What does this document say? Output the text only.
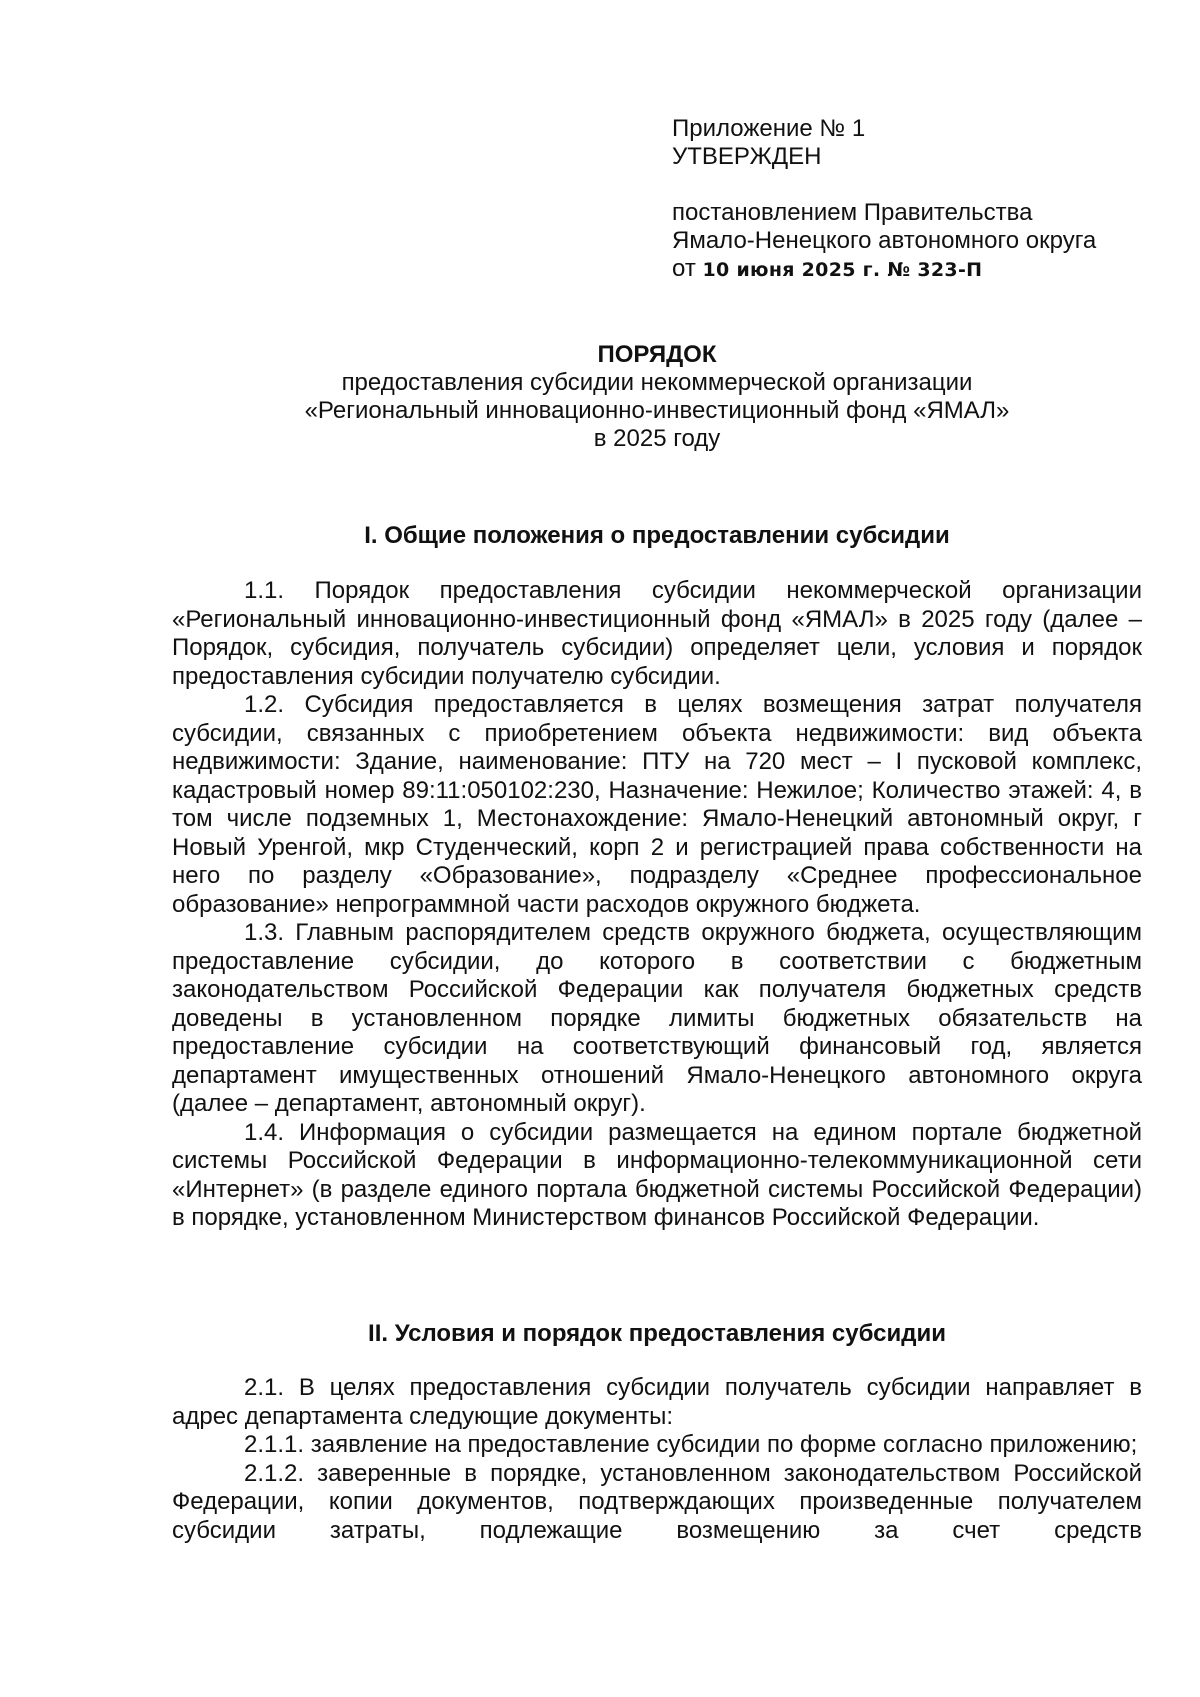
Приложение № 1
УТВЕРЖДЕН
постановлением Правительства
Ямало-Ненецкого автономного округа
от 10 июня 2025 г. № 323-П
ПОРЯДОК
предоставления субсидии некоммерческой организации
«Региональный инновационно-инвестиционный фонд «ЯМАЛ»
в 2025 году
I. Общие положения о предоставлении субсидии

1.1. Порядок предоставления субсидии некоммерческой организации «Региональный инновационно-инвестиционный фонд «ЯМАЛ» в 2025 году (далее – Порядок, субсидия, получатель субсидии) определяет цели, условия и порядок предоставления субсидии получателю субсидии.

1.2. Субсидия предоставляется в целях возмещения затрат получателя субсидии, связанных с приобретением объекта недвижимости: вид объекта недвижимости: Здание, наименование: ПТУ на 720 мест – I пусковой комплекс, кадастровый номер 89:11:050102:230, Назначение: Нежилое; Количество этажей: 4, в том числе подземных 1, Местонахождение: Ямало-Ненецкий автономный округ, г Новый Уренгой, мкр Студенческий, корп 2 и регистрацией права собственности на него по разделу «Образование», подразделу «Среднее профессиональное образование» непрограммной части расходов окружного бюджета.

1.3. Главным распорядителем средств окружного бюджета, осуществляющим предоставление субсидии, до которого в соответствии с бюджетным законодательством Российской Федерации как получателя бюджетных средств доведены в установленном порядке лимиты бюджетных обязательств на предоставление субсидии на соответствующий финансовый год, является департамент имущественных отношений Ямало-Ненецкого автономного округа (далее – департамент, автономный округ).

1.4. Информация о субсидии размещается на едином портале бюджетной системы Российской Федерации в информационно-телекоммуникационной сети «Интернет» (в разделе единого портала бюджетной системы Российской Федерации) в порядке, установленном Министерством финансов Российской Федерации.

II. Условия и порядок предоставления субсидии

2.1. В целях предоставления субсидии получатель субсидии направляет в адрес департамента следующие документы:

2.1.1. заявление на предоставление субсидии по форме согласно приложению;

2.1.2. заверенные в порядке, установленном законодательством Российской Федерации, копии документов, подтверждающих произведенные получателем субсидии затраты, подлежащие возмещению за счет средств
